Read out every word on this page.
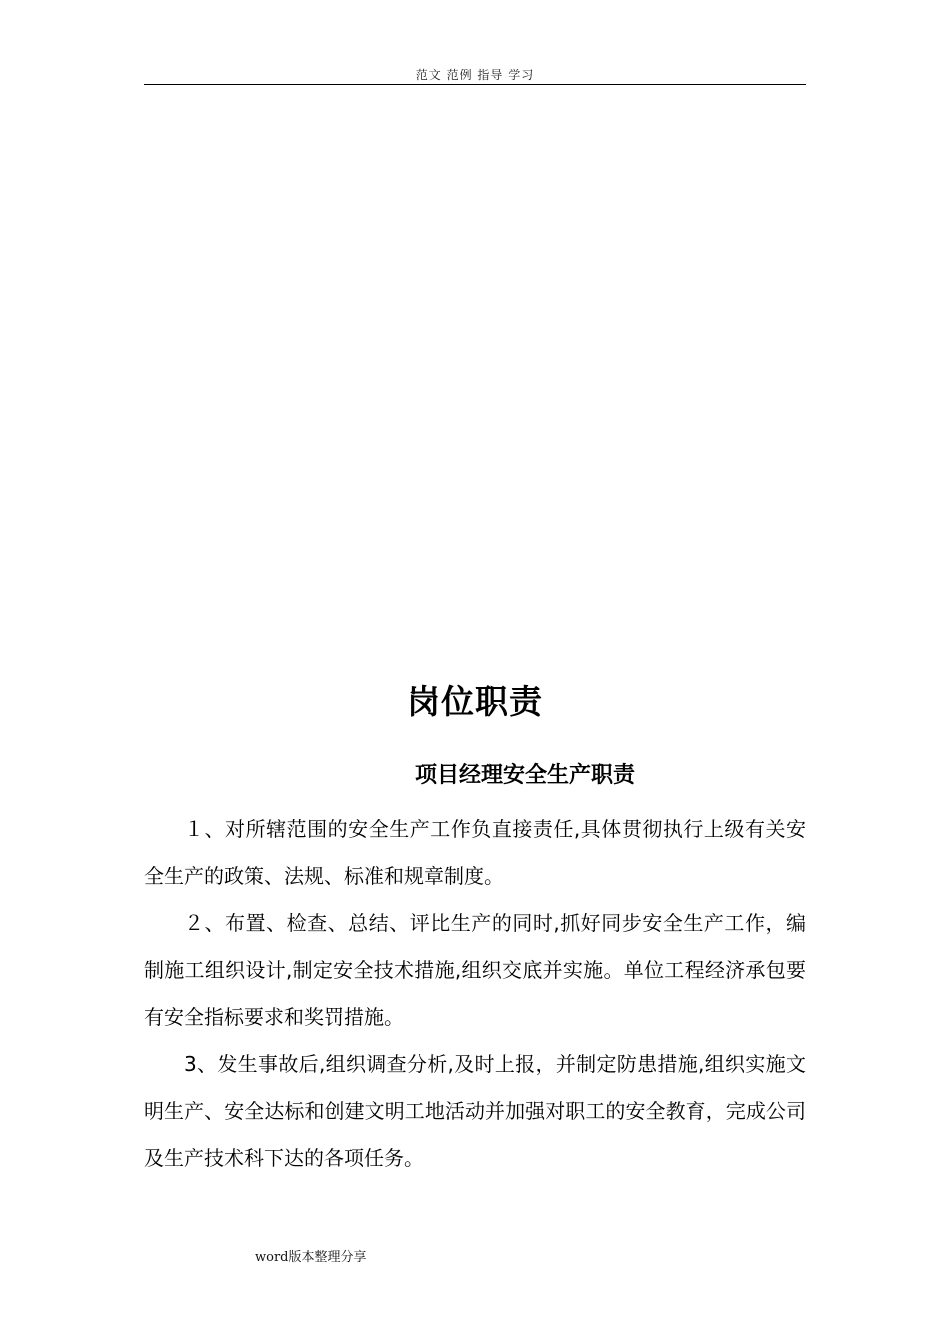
范文 范例 指导 学习
岗位职责
项目经理安全生产职责

１、对所辖范围的安全生产工作负直接责任,具体贯彻执行上级有关安全生产的政策、法规、标准和规章制度。

２、布置、检查、总结、评比生产的同时,抓好同步安全生产工作，编制施工组织设计,制定安全技术措施,组织交底并实施。单位工程经济承包要有安全指标要求和奖罚措施。

3、发生事故后,组织调查分析,及时上报，并制定防患措施,组织实施文明生产、安全达标和创建文明工地活动并加强对职工的安全教育，完成公司及生产技术科下达的各项任务。

word版本整理分享
